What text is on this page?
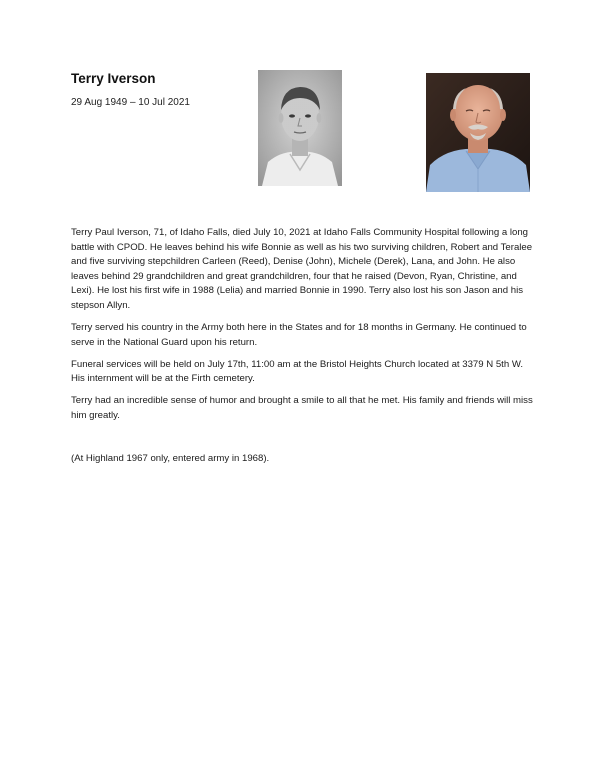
Terry Iverson
29 Aug 1949 – 10 Jul 2021

Terry Paul Iverson, 71, of Idaho Falls, died July 10, 2021 at Idaho Falls Community Hospital following a long battle with CPOD. He leaves behind his wife Bonnie as well as his two surviving children, Robert and Teralee and five surviving stepchildren Carleen (Reed), Denise (John), Michele (Derek), Lana, and John. He also leaves behind 29 grandchildren and great grandchildren, four that he raised (Devon, Ryan, Christine, and Lexi). He lost his first wife in 1988 (Lelia) and married Bonnie in 1990. Terry also lost his son Jason and his stepson Allyn.

Terry served his country in the Army both here in the States and for 18 months in Germany. He continued to serve in the National Guard upon his return.

Funeral services will be held on July 17th, 11:00 am at the Bristol Heights Church located at 3379 N 5th W. His internment will be at the Firth cemetery.

Terry had an incredible sense of humor and brought a smile to all that he met. His family and friends will miss him greatly.

(At Highland 1967 only, entered army in 1968).
